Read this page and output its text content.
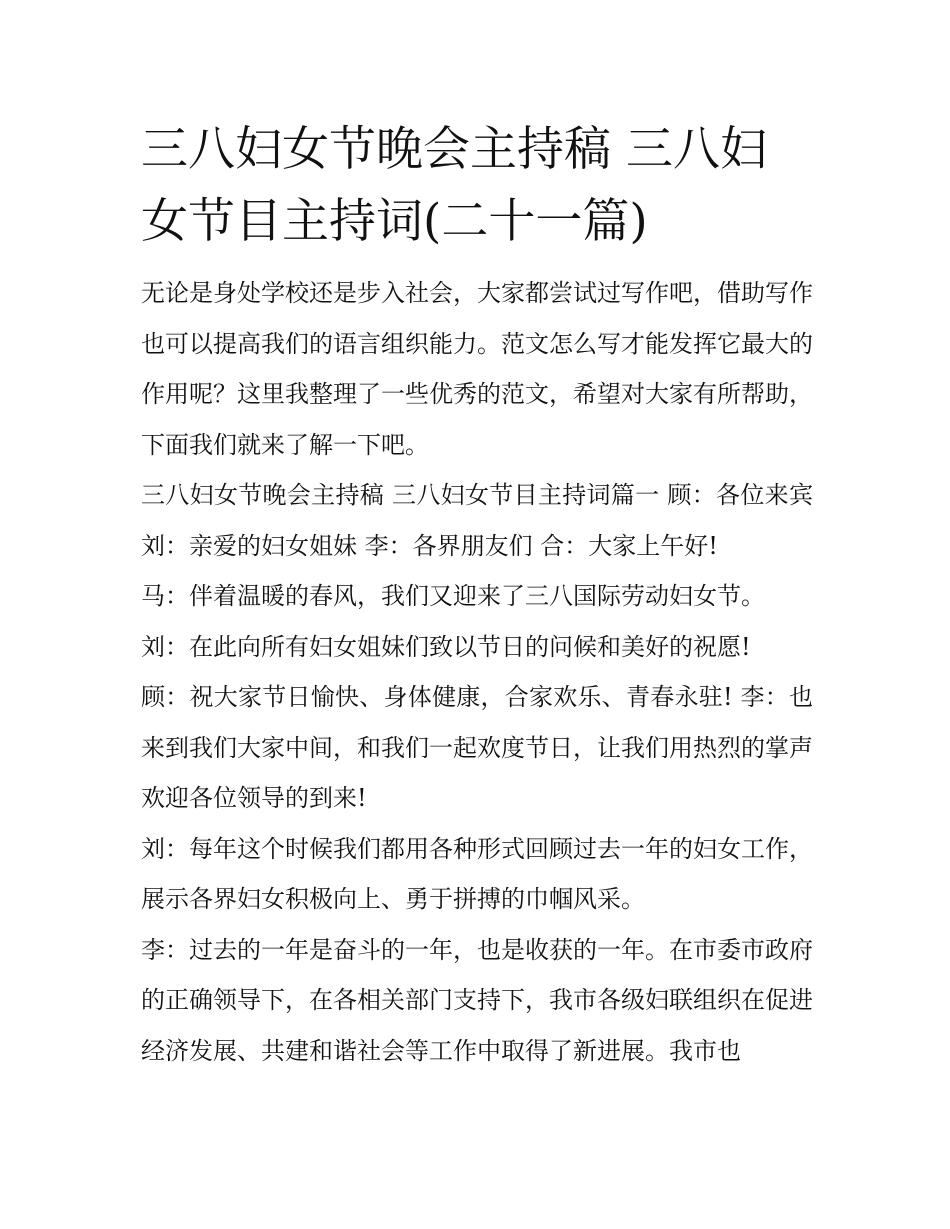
三八妇女节晚会主持稿 三八妇女节目主持词(二十一篇)

无论是身处学校还是步入社会，大家都尝试过写作吧，借助写作也可以提高我们的语言组织能力。范文怎么写才能发挥它最大的作用呢？这里我整理了一些优秀的范文，希望对大家有所帮助，下面我们就来了解一下吧。

三八妇女节晚会主持稿 三八妇女节目主持词篇一 顾：各位来宾 刘：亲爱的妇女姐妹 李：各界朋友们 合：大家上午好!

马：伴着温暖的春风，我们又迎来了三八国际劳动妇女节。

刘：在此向所有妇女姐妹们致以节日的问候和美好的祝愿!

顾：祝大家节日愉快、身体健康，合家欢乐、青春永驻! 李：也来到我们大家中间，和我们一起欢度节日，让我们用热烈的掌声欢迎各位领导的到来!

刘：每年这个时候我们都用各种形式回顾过去一年的妇女工作，展示各界妇女积极向上、勇于拼搏的巾帼风采。

李：过去的一年是奋斗的一年，也是收获的一年。在市委市政府的正确领导下，在各相关部门支持下，我市各级妇联组织在促进经济发展、共建和谐社会等工作中取得了新进展。我市也
